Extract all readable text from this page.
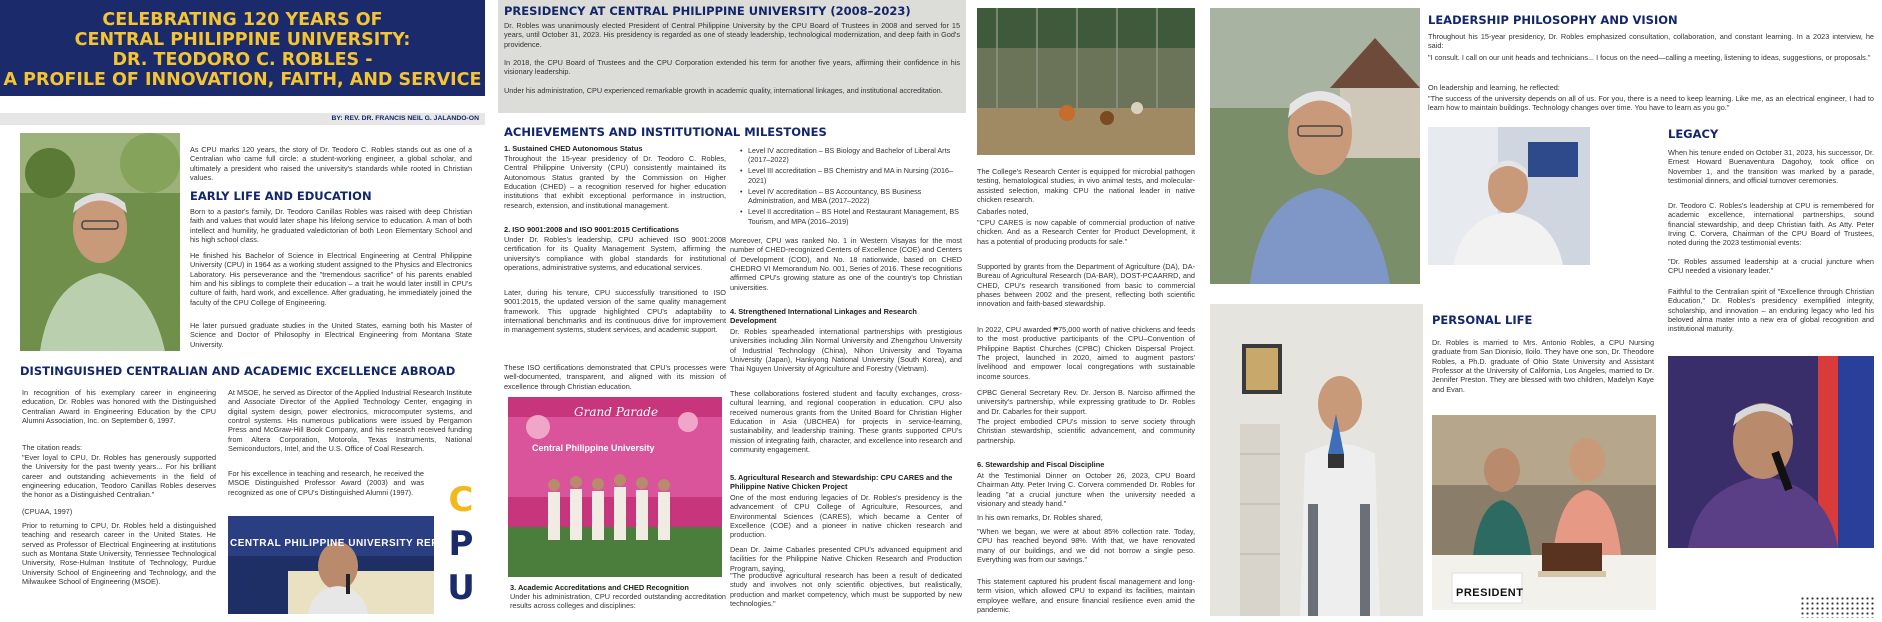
CELEBRATING 120 YEARS OF
CENTRAL PHILIPPINE UNIVERSITY:
DR. TEODORO C. ROBLES -
A PROFILE OF INNOVATION, FAITH, AND SERVICE
BY: REV. DR. FRANCIS NEIL G. JALANDO-ON

As CPU marks 120 years, the story of Dr. Teodoro C. Robles stands out as one of a Centralian who came full circle: a student-working engineer, a global scholar, and ultimately a president who raised the university's standards while rooted in Christian values.

EARLY LIFE AND EDUCATION

Born to a pastor's family, Dr. Teodoro Canillas Robles was raised with deep Christian faith and values that would later shape his lifelong service to education. A man of both intellect and humility, he graduated valedictorian of both Leon Elementary School and his high school class.

He finished his Bachelor of Science in Electrical Engineering at Central Philippine University (CPU) in 1964 as a working student assigned to the Physics and Electronics Laboratory. His perseverance and the "tremendous sacrifice" of his parents enabled him and his siblings to complete their education – a trait he would later instill in CPU's culture of faith, hard work, and excellence. After graduating, he immediately joined the faculty of the CPU College of Engineering.

He later pursued graduate studies in the United States, earning both his Master of Science and Doctor of Philosophy in Electrical Engineering from Montana State University.

DISTINGUISHED CENTRALIAN AND ACADEMIC EXCELLENCE ABROAD

In recognition of his exemplary career in engineering education, Dr. Robles was honored with the Distinguished Centralian Award in Engineering Education by the CPU Alumni Association, Inc. on September 6, 1997.

The citation reads:

"Ever loyal to CPU, Dr. Robles has generously supported the University for the past twenty years... For his brilliant career and outstanding achievements in the field of engineering education, Teodoro Canillas Robles deserves the honor as a Distinguished Centralian."

(CPUAA, 1997)

Prior to returning to CPU, Dr. Robles held a distinguished teaching and research career in the United States. He served as Professor of Electrical Engineering at institutions such as Montana State University, Tennessee Technological University, Rose-Hulman Institute of Technology, Purdue University School of Engineering and Technology, and the Milwaukee School of Engineering (MSOE).

At MSOE, he served as Director of the Applied Industrial Research Institute and Associate Director of the Applied Technology Center, engaging in digital system design, power electronics, microcomputer systems, and control systems. His numerous publications were issued by Pergamon Press and McGraw-Hill Book Company, and his research received funding from Altera Corporation, Motorola, Texas Instruments, National Semiconductors, Intel, and the U.S. Office of Coal Research.

For his excellence in teaching and research, he received the MSOE Distinguished Professor Award (2003) and was recognized as one of CPU's Distinguished Alumni (1997).

CENTRAL PHILIPPINE UNIVERSITY REPUBLIC
C
P
U
PRESIDENCY AT CENTRAL PHILIPPINE UNIVERSITY (2008–2023)

Dr. Robles was unanimously elected President of Central Philippine University by the CPU Board of Trustees in 2008 and served for 15 years, until October 31, 2023. His presidency is regarded as one of steady leadership, technological modernization, and deep faith in God's providence.

In 2018, the CPU Board of Trustees and the CPU Corporation extended his term for another five years, affirming their confidence in his visionary leadership.

Under his administration, CPU experienced remarkable growth in academic quality, international linkages, and institutional accreditation.

ACHIEVEMENTS AND INSTITUTIONAL MILESTONES
1. Sustained CHED Autonomous Status

Throughout the 15-year presidency of Dr. Teodoro C. Robles, Central Philippine University (CPU) consistently maintained its Autonomous Status granted by the Commission on Higher Education (CHED) – a recognition reserved for higher education institutions that exhibit exceptional performance in instruction, research, extension, and institutional management.

2. ISO 9001:2008 and ISO 9001:2015 Certifications

Under Dr. Robles's leadership, CPU achieved ISO 9001:2008 certification for its Quality Management System, affirming the university's compliance with global standards for institutional operations, administrative systems, and educational services.

Later, during his tenure, CPU successfully transitioned to ISO 9001:2015, the updated version of the same quality management framework. This upgrade highlighted CPU's adaptability to international benchmarks and its continuous drive for improvement in management systems, student services, and academic support.

These ISO certifications demonstrated that CPU's processes were well-documented, transparent, and aligned with its mission of excellence through Christian education.

Grand Parade
Central Philippine University
3. Academic Accreditations and CHED Recognition

Under his administration, CPU recorded outstanding accreditation results across colleges and disciplines:

• Level IV accreditation – BS Biology and Bachelor of Liberal Arts (2017–2022)
• Level III accreditation – BS Chemistry and MA in Nursing (2016–2021)
• Level IV accreditation – BS Accountancy, BS Business Administration, and MBA (2017–2022)
• Level II accreditation – BS Hotel and Restaurant Management, BS Tourism, and MPA (2016–2019)

Moreover, CPU was ranked No. 1 in Western Visayas for the most number of CHED-recognized Centers of Excellence (COE) and Centers of Development (COD), and No. 18 nationwide, based on CHED CHEDRO VI Memorandum No. 001, Series of 2016. These recognitions affirmed CPU's growing stature as one of the country's top Christian universities.

4. Strengthened International Linkages and Research Development

Dr. Robles spearheaded international partnerships with prestigious universities including Jilin Normal University and Zhengzhou University of Industrial Technology (China), Nihon University and Toyama University (Japan), Hankyong National University (South Korea), and Thai Nguyen University of Agriculture and Forestry (Vietnam).

These collaborations fostered student and faculty exchanges, cross-cultural learning, and regional cooperation in education. CPU also received numerous grants from the United Board for Christian Higher Education in Asia (UBCHEA) for projects in service-learning, sustainability, and leadership training. These grants supported CPU's mission of integrating faith, character, and excellence into research and community engagement.

5. Agricultural Research and Stewardship: CPU CARES and the Philippine Native Chicken Project

One of the most enduring legacies of Dr. Robles's presidency is the advancement of CPU College of Agriculture, Resources, and Environmental Sciences (CARES), which became a Center of Excellence (COE) and a pioneer in native chicken research and production.

Dean Dr. Jaime Cabarles presented CPU's advanced equipment and facilities for the Philippine Native Chicken Research and Production Program, saying,

"The productive agricultural research has been a result of dedicated study and involves not only scientific objectives, but realistically, production and market competency, which must be supported by new technologies."

The College's Research Center is equipped for microbial pathogen testing, hematological studies, in vivo animal tests, and molecular-assisted selection, making CPU the national leader in native chicken research.

Cabarles noted,

"CPU CARES is now capable of commercial production of native chicken. And as a Research Center for Product Development, it has a potential of producing products for sale."

Supported by grants from the Department of Agriculture (DA), DA-Bureau of Agricultural Research (DA-BAR), DOST-PCAARRD, and CHED, CPU's research transitioned from basic to commercial phases between 2002 and the present, reflecting both scientific innovation and faith-based stewardship.

In 2022, CPU awarded ₱75,000 worth of native chickens and feeds to the most productive participants of the CPU–Convention of Philippine Baptist Churches (CPBC) Chicken Dispersal Project. The project, launched in 2020, aimed to augment pastors' livelihood and empower local congregations with sustainable income sources.

CPBC General Secretary Rev. Dr. Jerson B. Narciso affirmed the university's partnership, while expressing gratitude to Dr. Robles and Dr. Cabarles for their support.

The project embodied CPU's mission to serve society through Christian stewardship, scientific advancement, and community partnership.

6. Stewardship and Fiscal Discipline

At the Testimonial Dinner on October 26, 2023, CPU Board Chairman Atty. Peter Irving C. Corvera commended Dr. Robles for leading "at a crucial juncture when the university needed a visionary and steady hand."

In his own remarks, Dr. Robles shared,

"When we began, we were at about 85% collection rate. Today, CPU has reached beyond 98%. With that, we have renovated many of our buildings, and we did not borrow a single peso. Everything was from our savings."

This statement captured his prudent fiscal management and long-term vision, which allowed CPU to expand its facilities, maintain employee welfare, and ensure financial resilience even amid the pandemic.

LEADERSHIP PHILOSOPHY AND VISION

Throughout his 15-year presidency, Dr. Robles emphasized consultation, collaboration, and constant learning. In a 2023 interview, he said:

"I consult. I call on our unit heads and technicians... I focus on the need—calling a meeting, listening to ideas, suggestions, or proposals."

On leadership and learning, he reflected:

"The success of the university depends on all of us. For you, there is a need to keep learning. Like me, as an electrical engineer, I had to learn how to maintain buildings. Technology changes over time. You have to learn as you go."

LEGACY

When his tenure ended on October 31, 2023, his successor, Dr. Ernest Howard Buenaventura Dagohoy, took office on November 1, and the transition was marked by a parade, testimonial dinners, and official turnover ceremonies.

Dr. Teodoro C. Robles's leadership at CPU is remembered for academic excellence, international partnerships, sound financial stewardship, and deep Christian faith. As Atty. Peter Irving C. Corvera, Chairman of the CPU Board of Trustees, noted during the 2023 testimonial events:

"Dr. Robles assumed leadership at a crucial juncture when CPU needed a visionary leader."

Faithful to the Centralian spirit of "Excellence through Christian Education," Dr. Robles's presidency exemplified integrity, scholarship, and innovation – an enduring legacy who led his beloved alma mater into a new era of global recognition and institutional maturity.

PERSONAL LIFE

Dr. Robles is married to Mrs. Antonio Robles, a CPU Nursing graduate from San Dionisio, Iloilo. They have one son, Dr. Theodore Robles, a Ph.D. graduate of Ohio State University and Assistant Professor at the University of California, Los Angeles, married to Dr. Jennifer Preston. They are blessed with two children, Madelyn Kaye and Evan.

PRESIDENT
